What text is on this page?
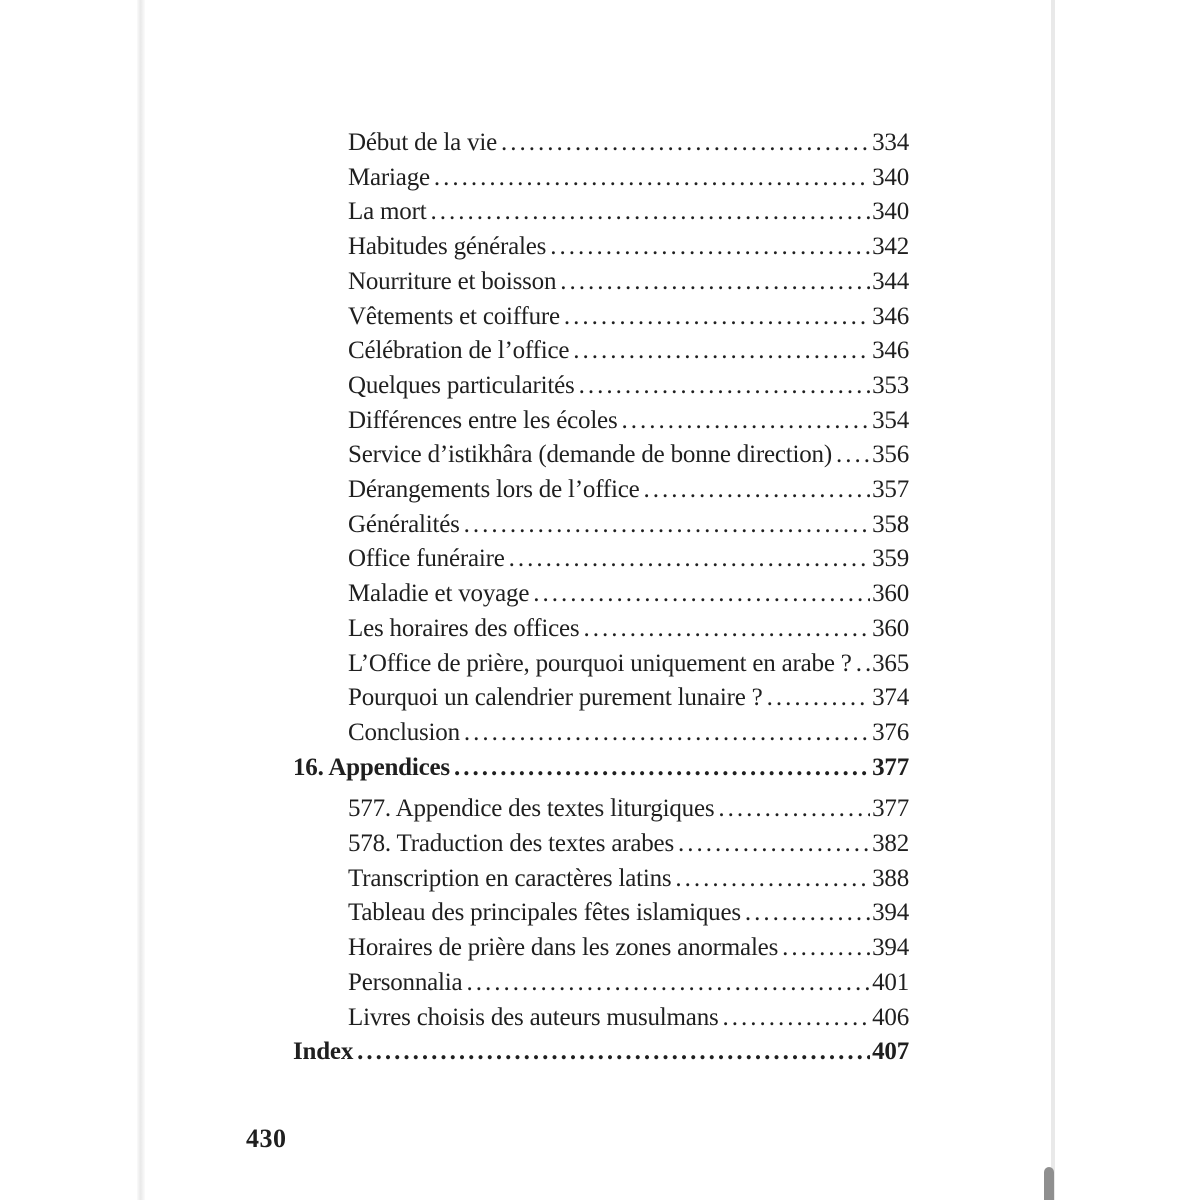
Début de la vie .....	334
Mariage .....	340
La mort .....	340
Habitudes générales .....	342
Nourriture et boisson .....	344
Vêtements et coiffure .....	346
Célébration de l’office .....	346
Quelques particularités .....	353
Différences entre les écoles .....	354
Service d’istikhâra (demande de bonne direction) ..... 356
Dérangements lors de l’office .....	357
Généralités .....	358
Office funéraire .....	359
Maladie et voyage .....	360
Les horaires des offices .....	360
L’Office de prière, pourquoi uniquement en arabe ? ..... 365
Pourquoi un calendrier purement lunaire ? .....	374
Conclusion .....	376
16. Appendices .....	377
577. Appendice des textes liturgiques .....	377
578. Traduction des textes arabes .....	382
Transcription en caractères latins .....	388
Tableau des principales fêtes islamiques .....	394
Horaires de prière dans les zones anormales .....	394
Personnalia .....	401
Livres choisis des auteurs musulmans .....	406
Index .....	407
430
